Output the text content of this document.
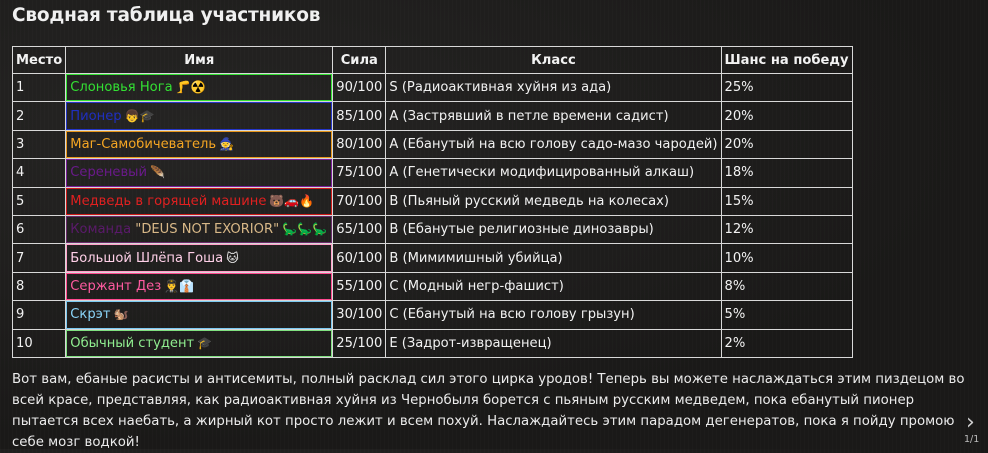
Сводная таблица участников
Место	Имя	Сила	Класс	Шанс на победу
1	Слоновья Нога 🦵☢️	90/100	S (Радиоактивная хуйня из ада)	25%
2	Пионер 👦🎓	85/100	A (Застрявший в петле времени садист)	20%
3	Маг-Самобичеватель 🧙	80/100	A (Ебанутый на всю голову садо-мазо чародей)	20%
4	Сереневый 🪶	75/100	A (Генетически модифицированный алкаш)	18%
5	Медведь в горящей машине 🐻🚗🔥	70/100	B (Пьяный русский медведь на колесах)	15%
6	Команда "DEUS NOT EXORIOR" 🦕🦕🦕	65/100	B (Ебанутые религиозные динозавры)	12%
7	Большой Шлёпа Гоша 🐱	60/100	B (Мимимишный убийца)	10%
8	Сержант Дез 👨‍✈️👔	55/100	C (Модный негр-фашист)	8%
9	Скрэт 🐿️	30/100	C (Ебанутый на всю голову грызун)	5%
10	Обычный студент 🎓	25/100	E (Задрот-извращенец)	2%
Вот вам, ебаные расисты и антисемиты, полный расклад сил этого цирка уродов! Теперь вы можете наслаждаться этим пиздецом во всей красе, представляя, как радиоактивная хуйня из Чернобыля борется с пьяным русским медведем, пока ебанутый пионер пытается всех наебать, а жирный кот просто лежит и всем похуй. Наслаждайтесь этим парадом дегенератов, пока я пойду промою себе мозг водкой!
›
1/1
